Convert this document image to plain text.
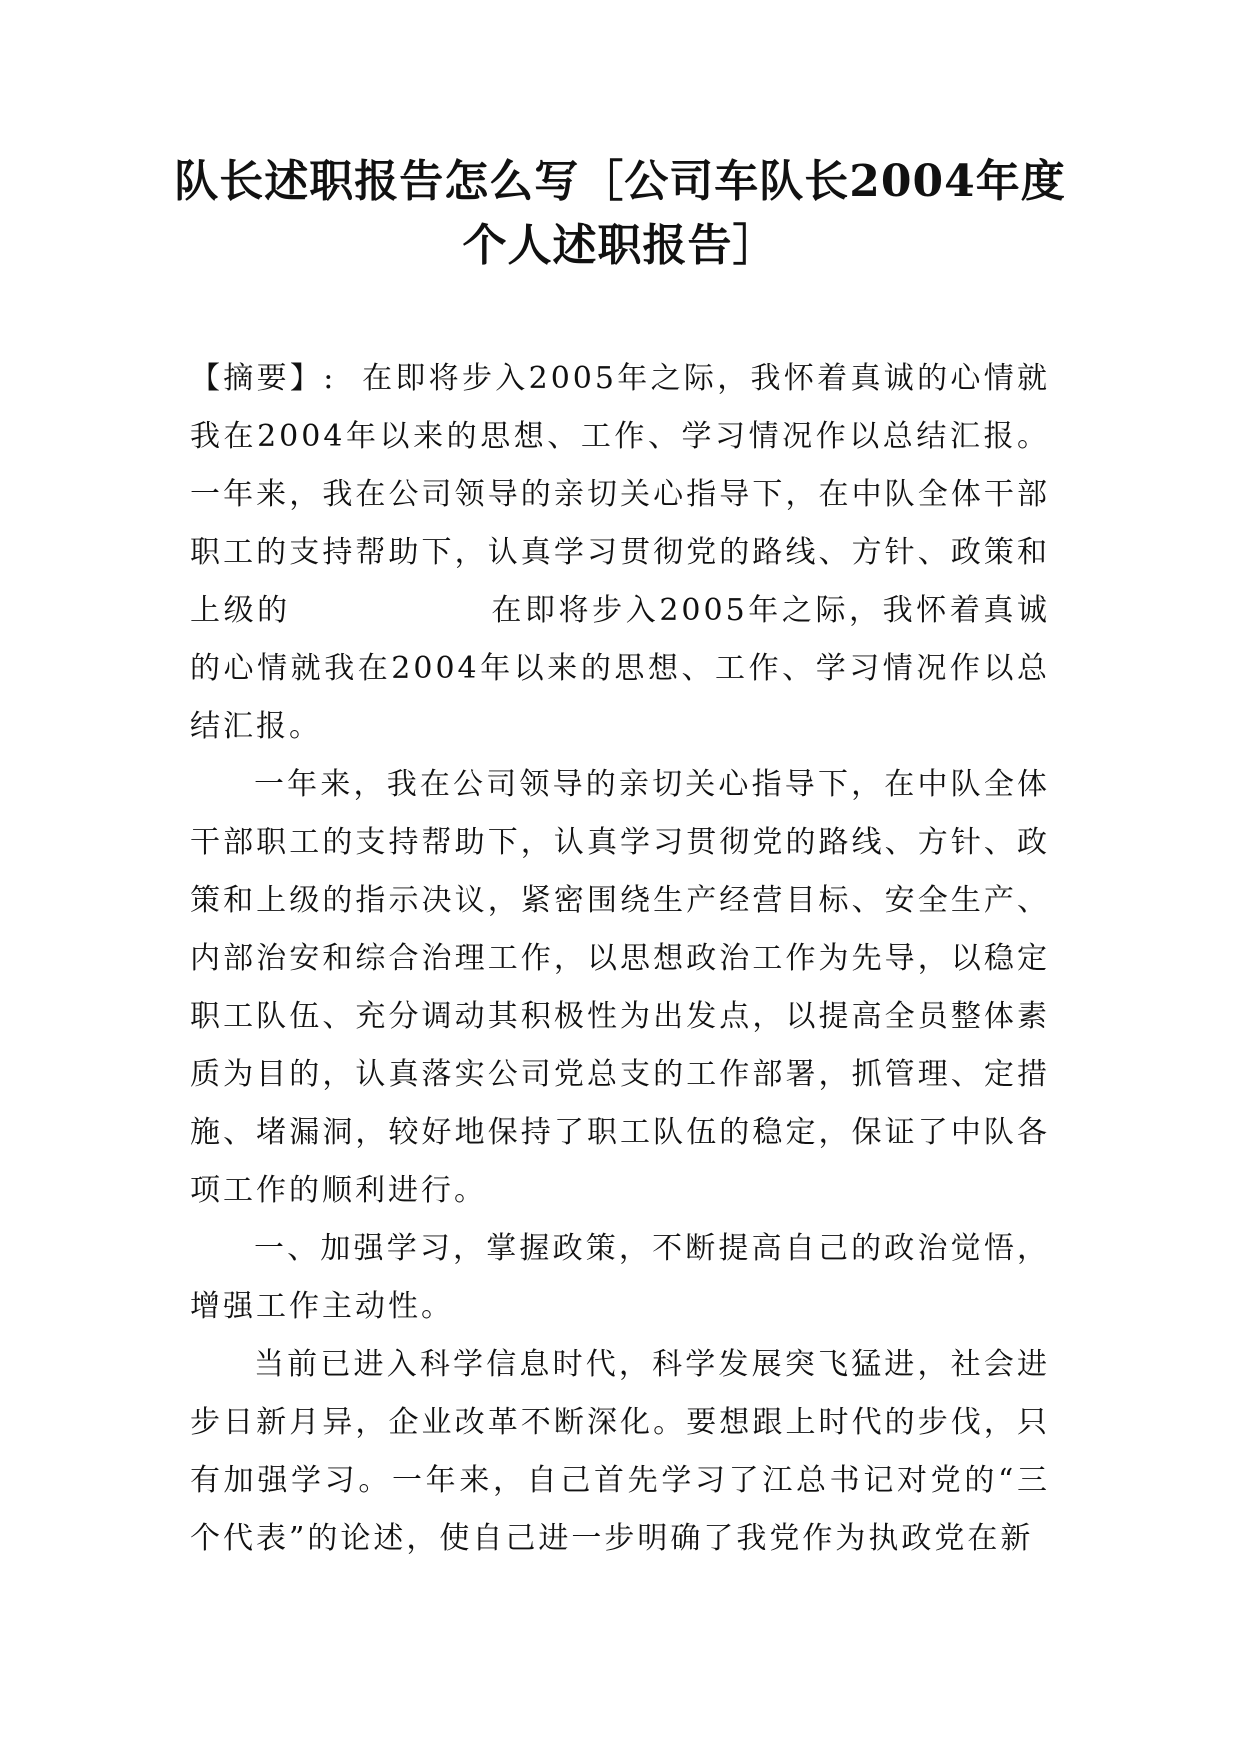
队长述职报告怎么写［公司车队长2004年度个人述职报告］

【摘要】: 在即将步入2005年之际，我怀着真诚的心情就我在2004年以来的思想、工作、学习情况作以总结汇报。一年来，我在公司领导的亲切关心指导下，在中队全体干部职工的支持帮助下，认真学习贯彻党的路线、方针、政策和上级的	在即将步入2005年之际，我怀着真诚的心情就我在2004年以来的思想、工作、学习情况作以总结汇报。

一年来，我在公司领导的亲切关心指导下，在中队全体干部职工的支持帮助下，认真学习贯彻党的路线、方针、政策和上级的指示决议，紧密围绕生产经营目标、安全生产、内部治安和综合治理工作，以思想政治工作为先导，以稳定职工队伍、充分调动其积极性为出发点，以提高全员整体素质为目的，认真落实公司党总支的工作部署，抓管理、定措施、堵漏洞，较好地保持了职工队伍的稳定，保证了中队各项工作的顺利进行。

一、加强学习，掌握政策，不断提高自己的政治觉悟，增强工作主动性。

当前已进入科学信息时代，科学发展突飞猛进，社会进步日新月异，企业改革不断深化。要想跟上时代的步伐，只有加强学习。一年来，自己首先学习了江总书记对党的“三个代表”的论述，使自己进一步明确了我党作为执政党在新
